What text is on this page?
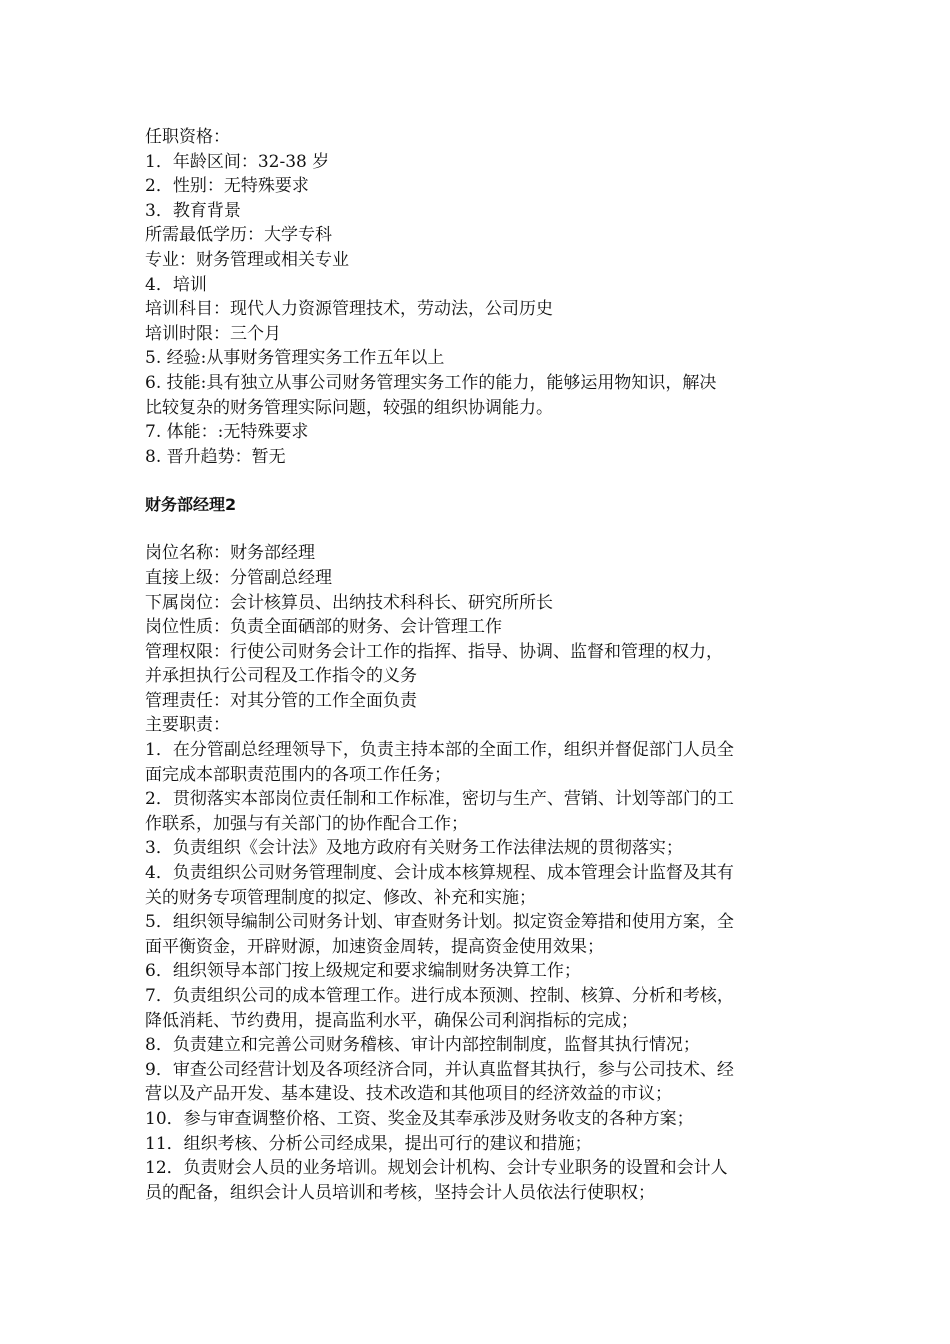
任职资格：
1．年龄区间：32-38 岁
2．性别：无特殊要求
3．教育背景
所需最低学历：大学专科
专业：财务管理或相关专业
4．培训
培训科目：现代人力资源管理技术，劳动法，公司历史
培训时限：三个月
5. 经验:从事财务管理实务工作五年以上
6. 技能:具有独立从事公司财务管理实务工作的能力，能够运用物知识，解决
比较复杂的财务管理实际问题，较强的组织协调能力。
7. 体能：:无特殊要求
8. 晋升趋势：暂无
财务部经理2
岗位名称：财务部经理
直接上级：分管副总经理
下属岗位：会计核算员、出纳技术科科长、研究所所长
岗位性质：负责全面硒部的财务、会计管理工作
管理权限：行使公司财务会计工作的指挥、指导、协调、监督和管理的权力，
并承担执行公司程及工作指令的义务
管理责任：对其分管的工作全面负责
主要职责：
1．在分管副总经理领导下，负责主持本部的全面工作，组织并督促部门人员全
面完成本部职责范围内的各项工作任务；
2．贯彻落实本部岗位责任制和工作标准，密切与生产、营销、计划等部门的工
作联系，加强与有关部门的协作配合工作；
3．负责组织《会计法》及地方政府有关财务工作法律法规的贯彻落实；
4．负责组织公司财务管理制度、会计成本核算规程、成本管理会计监督及其有
关的财务专项管理制度的拟定、修改、补充和实施；
5．组织领导编制公司财务计划、审查财务计划。拟定资金筹措和使用方案，全
面平衡资金，开辟财源，加速资金周转，提高资金使用效果；
6．组织领导本部门按上级规定和要求编制财务决算工作；
7．负责组织公司的成本管理工作。进行成本预测、控制、核算、分析和考核，
降低消耗、节约费用，提高监利水平，确保公司利润指标的完成；
8．负责建立和完善公司财务稽核、审计内部控制制度，监督其执行情况；
9．审查公司经营计划及各项经济合同，并认真监督其执行，参与公司技术、经
营以及产品开发、基本建设、技术改造和其他项目的经济效益的市议；
10．参与审查调整价格、工资、奖金及其奉承涉及财务收支的各种方案；
11．组织考核、分析公司经成果，提出可行的建议和措施；
12．负责财会人员的业务培训。规划会计机构、会计专业职务的设置和会计人
员的配备，组织会计人员培训和考核，坚持会计人员依法行使职权；
